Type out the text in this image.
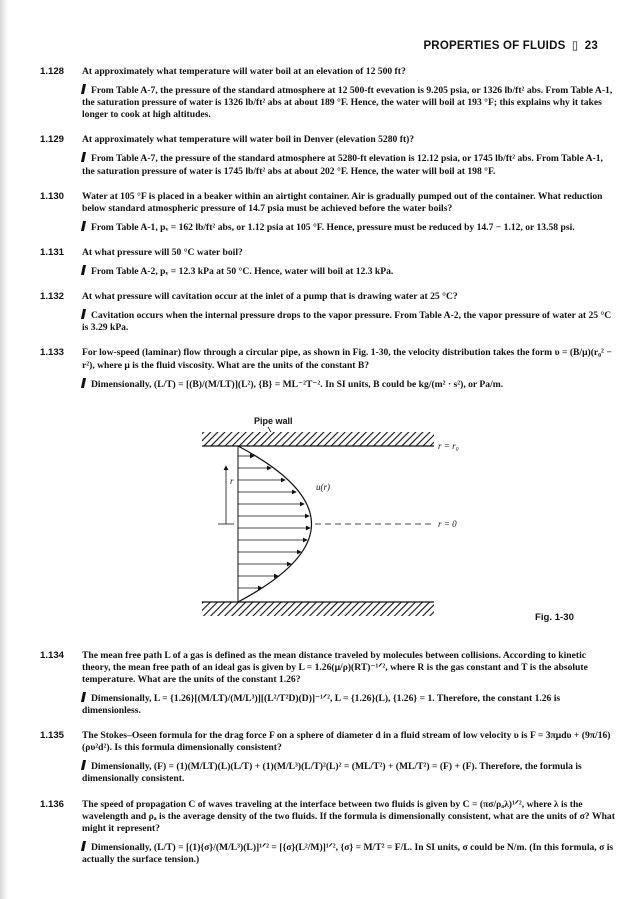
PROPERTIES OF FLUIDS ▯ 23
1.128 At approximately what temperature will water boil at an elevation of 12 500 ft?
From Table A-7, the pressure of the standard atmosphere at 12 500-ft evevation is 9.205 psia, or 1326 lb/ft² abs. From Table A-1, the saturation pressure of water is 1326 lb/ft² abs at about 189 °F. Hence, the water will boil at 193 °F; this explains why it takes longer to cook at high altitudes.
1.129 At approximately what temperature will water boil in Denver (elevation 5280 ft)?
From Table A-7, the pressure of the standard atmosphere at 5280-ft elevation is 12.12 psia, or 1745 lb/ft² abs. From Table A-1, the saturation pressure of water is 1745 lb/ft² abs at about 202 °F. Hence, the water will boil at 198 °F.
1.130 Water at 105 °F is placed in a beaker within an airtight container. Air is gradually pumped out of the container. What reduction below standard atmospheric pressure of 14.7 psia must be achieved before the water boils?
From Table A-1, pᵥ = 162 lb/ft² abs, or 1.12 psia at 105 °F. Hence, pressure must be reduced by 14.7 − 1.12, or 13.58 psi.
1.131 At what pressure will 50 °C water boil?
From Table A-2, pᵥ = 12.3 kPa at 50 °C. Hence, water will boil at 12.3 kPa.
1.132 At what pressure will cavitation occur at the inlet of a pump that is drawing water at 25 °C?
Cavitation occurs when the internal pressure drops to the vapor pressure. From Table A-2, the vapor pressure of water at 25 °C is 3.29 kPa.
1.133 For low-speed (laminar) flow through a circular pipe, as shown in Fig. 1-30, the velocity distribution takes the form υ = (B/μ)(r₀² − r²), where μ is the fluid viscosity. What are the units of the constant B?
Dimensionally, (L/T) = [(B)/(M/LT)](L²), {B} = ML⁻²T⁻². In SI units, B could be kg/(m² · s²), or Pa/m.
Pipe wall
r
u(r)
r = r₀
r = 0
Fig. 1-30
1.134 The mean free path L of a gas is defined as the mean distance traveled by molecules between collisions. According to kinetic theory, the mean free path of an ideal gas is given by L = 1.26(μ/ρ)(RT)⁻¹ᐟ², where R is the gas constant and T is the absolute temperature. What are the units of the constant 1.26?
Dimensionally, L = {1.26}[(M/LT)/(M/L³)][(L²/T²D)(D)]⁻¹ᐟ², L = {1.26}(L), {1.26} = 1. Therefore, the constant 1.26 is dimensionless.
1.135 The Stokes–Oseen formula for the drag force F on a sphere of diameter d in a fluid stream of low velocity υ is F = 3πμdυ + (9π/16)(ρυ²d²). Is this formula dimensionally consistent?
Dimensionally, (F) = (1)(M/LT)(L)(L/T) + (1)(M/L³)(L/T)²(L)² = (ML/T²) + (ML/T²) = (F) + (F). Therefore, the formula is dimensionally consistent.
1.136 The speed of propagation C of waves traveling at the interface between two fluids is given by C = (πσ/ρₐλ)¹ᐟ², where λ is the wavelength and ρₐ is the average density of the two fluids. If the formula is dimensionally consistent, what are the units of σ? What might it represent?
Dimensionally, (L/T) = [(1){σ}/(M/L³)(L)]¹ᐟ² = [{σ}(L²/M)]¹ᐟ², {σ} = M/T² = F/L. In SI units, σ could be N/m. (In this formula, σ is actually the surface tension.)
